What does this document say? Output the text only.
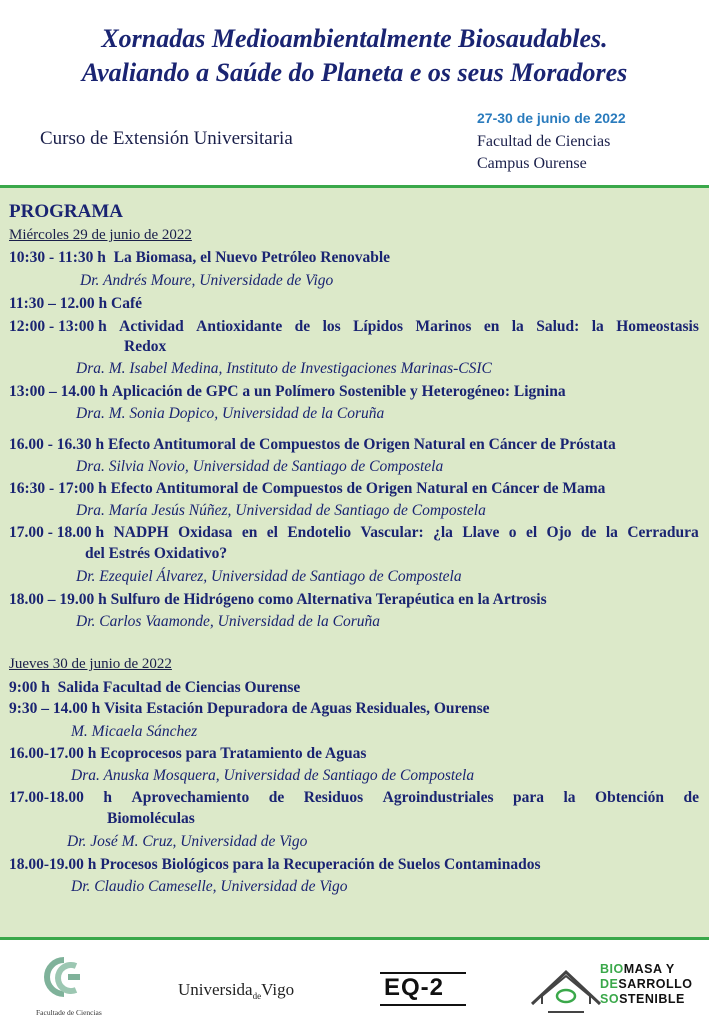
Xornadas Medioambientalmente Biosaudables.
Avaliando a Saúde do Planeta e os seus Moradores
Curso de Extensión Universitaria
27-30 de junio de 2022
Facultad de Ciencias
Campus Ourense
PROGRAMA
Miércoles 29 de junio de 2022
10:30 - 11:30 h La Biomasa, el Nuevo Petróleo Renovable
Dr. Andrés Moure, Universidade de Vigo
11:30 – 12.00 h Café
12:00 - 13:00 h Actividad Antioxidante de los Lípidos Marinos en la Salud: la Homeostasis
Redox
Dra. M. Isabel Medina, Instituto de Investigaciones Marinas-CSIC
13:00 – 14.00 h Aplicación de GPC a un Polímero Sostenible y Heterogéneo: Lignina
Dra. M. Sonia Dopico, Universidad de la Coruña
16.00 - 16.30 h Efecto Antitumoral de Compuestos de Origen Natural en Cáncer de Próstata
Dra. Silvia Novio, Universidad de Santiago de Compostela
16:30 - 17:00 h Efecto Antitumoral de Compuestos de Origen Natural en Cáncer de Mama
Dra. María Jesús Núñez, Universidad de Santiago de Compostela
17.00 - 18.00 h NADPH Oxidasa en el Endotelio Vascular: ¿la Llave o el Ojo de la Cerradura
del Estrés Oxidativo?
Dr. Ezequiel Álvarez, Universidad de Santiago de Compostela
18.00 – 19.00 h Sulfuro de Hidrógeno como Alternativa Terapéutica en la Artrosis
Dr. Carlos Vaamonde, Universidad de la Coruña
Jueves 30 de junio de 2022
9:00 h Salida Facultad de Ciencias Ourense
9:30 – 14.00 h Visita Estación Depuradora de Aguas Residuales, Ourense
M. Micaela Sánchez
16.00-17.00 h Ecoprocesos para Tratamiento de Aguas
Dra. Anuska Mosquera, Universidad de Santiago de Compostela
17.00-18.00 h Aprovechamiento de Residuos Agroindustriales para la Obtención de
Biomoléculas
Dr. José M. Cruz, Universidad de Vigo
18.00-19.00 h Procesos Biológicos para la Recuperación de Suelos Contaminados
Dr. Claudio Cameselle, Universidad de Vigo
Facultade de Ciencias
Universida$_{de}$Vigo	EQ-2
BIOMASA Y
DESARROLLO
SOSTENIBLE
